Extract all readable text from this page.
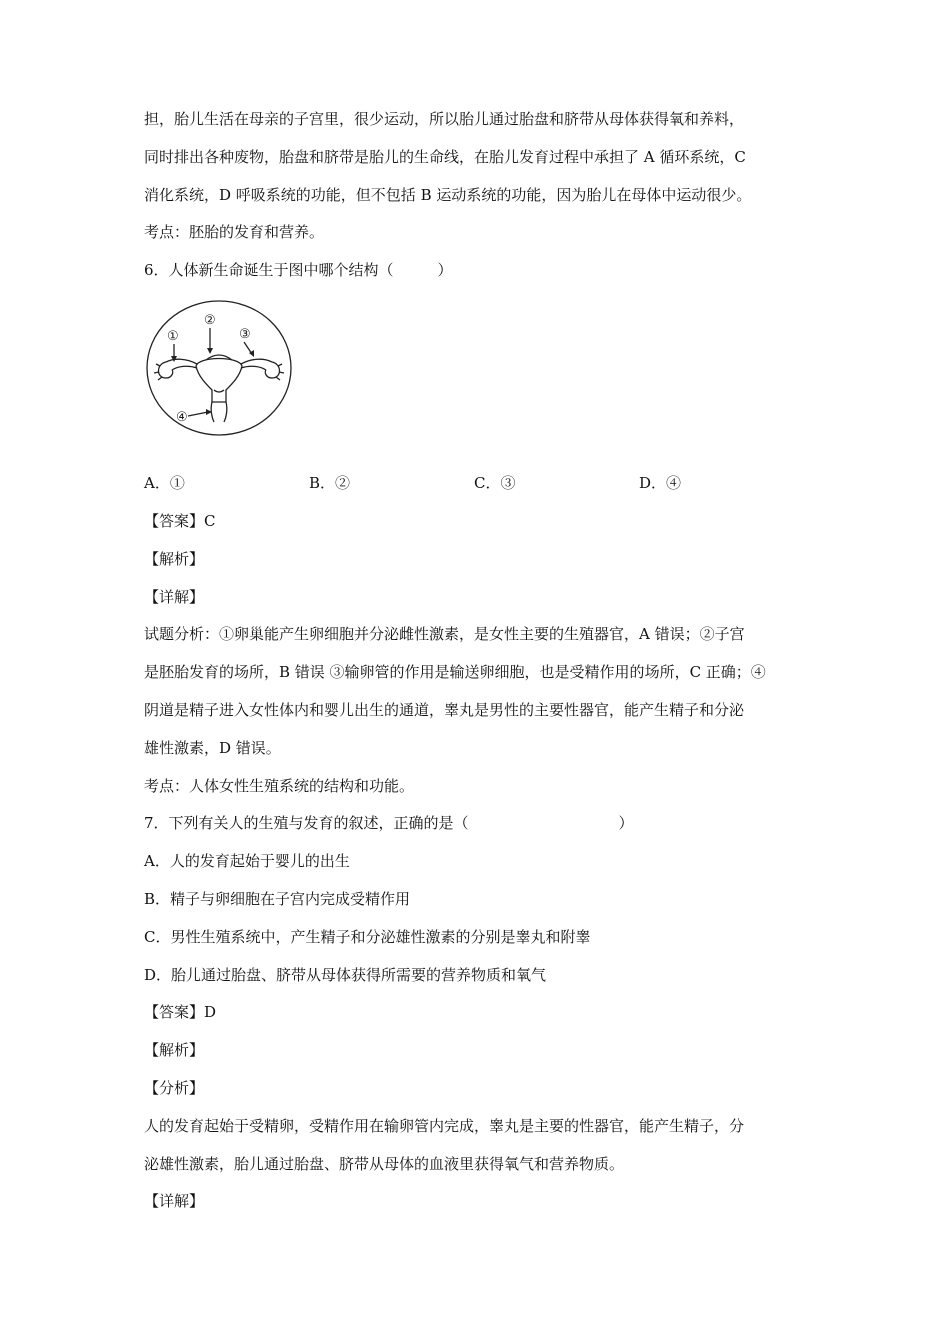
担，胎儿生活在母亲的子宫里，很少运动，所以胎儿通过胎盘和脐带从母体获得氧和养料，

同时排出各种废物，胎盘和脐带是胎儿的生命线，在胎儿发育过程中承担了 A 循环系统，C

消化系统，D 呼吸系统的功能，但不包括 B 运动系统的功能，因为胎儿在母体中运动很少。

考点：胚胎的发育和营养。

6．人体新生命诞生于图中哪个结构（	）

①
②
③
④
A．①	B．②	C．③	D．④

【答案】C

【解析】

【详解】

试题分析：①卵巢能产生卵细胞并分泌雌性激素，是女性主要的生殖器官，A 错误；②子宫

是胚胎发育的场所，B 错误 ③输卵管的作用是输送卵细胞，也是受精作用的场所，C 正确；④

阴道是精子进入女性体内和婴儿出生的通道，睾丸是男性的主要性器官，能产生精子和分泌

雄性激素，D 错误。

考点：人体女性生殖系统的结构和功能。

7．下列有关人的生殖与发育的叙述，正确的是（	）

A．人的发育起始于婴儿的出生

B．精子与卵细胞在子宫内完成受精作用

C．男性生殖系统中，产生精子和分泌雄性激素的分别是睾丸和附睾

D．胎儿通过胎盘、脐带从母体获得所需要的营养物质和氧气

【答案】D

【解析】

【分析】

人的发育起始于受精卵，受精作用在输卵管内完成，睾丸是主要的性器官，能产生精子，分

泌雄性激素，胎儿通过胎盘、脐带从母体的血液里获得氧气和营养物质。

【详解】
